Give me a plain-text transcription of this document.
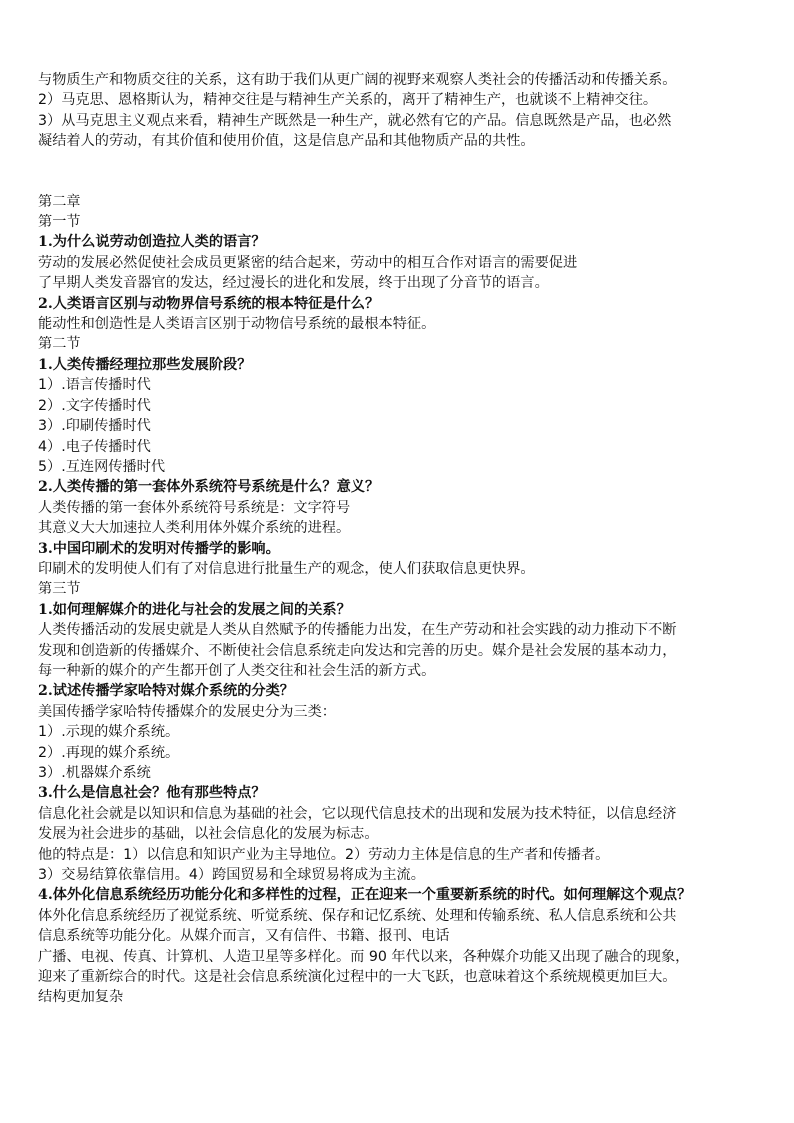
与物质生产和物质交往的关系，这有助于我们从更广阔的视野来观察人类社会的传播活动和传播关系。
2）马克思、恩格斯认为，精神交往是与精神生产关系的，离开了精神生产，也就谈不上精神交往。
3）从马克思主义观点来看，精神生产既然是一种生产，就必然有它的产品。信息既然是产品，也必然
凝结着人的劳动，有其价值和使用价值，这是信息产品和其他物质产品的共性。
第二章
第一节
1.为什么说劳动创造拉人类的语言？
劳动的发展必然促使社会成员更紧密的结合起来，劳动中的相互合作对语言的需要促进
了早期人类发音器官的发达，经过漫长的进化和发展，终于出现了分音节的语言。
2.人类语言区别与动物界信号系统的根本特征是什么？
能动性和创造性是人类语言区别于动物信号系统的最根本特征。
第二节
1.人类传播经理拉那些发展阶段？
1）.语言传播时代
2）.文字传播时代
3）.印刷传播时代
4）.电子传播时代
5）.互连网传播时代
2.人类传播的第一套体外系统符号系统是什么？意义？
人类传播的第一套体外系统符号系统是：文字符号
其意义大大加速拉人类利用体外媒介系统的进程。
3.中国印刷术的发明对传播学的影响。
印刷术的发明使人们有了对信息进行批量生产的观念，使人们获取信息更快界。
第三节
1.如何理解媒介的进化与社会的发展之间的关系？
人类传播活动的发展史就是人类从自然赋予的传播能力出发，在生产劳动和社会实践的动力推动下不断
发现和创造新的传播媒介、不断使社会信息系统走向发达和完善的历史。媒介是社会发展的基本动力，
每一种新的媒介的产生都开创了人类交往和社会生活的新方式。
2.试述传播学家哈特对媒介系统的分类？
美国传播学家哈特传播媒介的发展史分为三类：
1）.示现的媒介系统。
2）.再现的媒介系统。
3）.机器媒介系统
3.什么是信息社会？他有那些特点？
信息化社会就是以知识和信息为基础的社会，它以现代信息技术的出现和发展为技术特征，以信息经济
发展为社会进步的基础，以社会信息化的发展为标志。
他的特点是：1）以信息和知识产业为主导地位。2）劳动力主体是信息的生产者和传播者。
3）交易结算依靠信用。4）跨国贸易和全球贸易将成为主流。
4.体外化信息系统经历功能分化和多样性的过程，正在迎来一个重要新系统的时代。如何理解这个观点？
体外化信息系统经历了视觉系统、听觉系统、保存和记忆系统、处理和传输系统、私人信息系统和公共
信息系统等功能分化。从媒介而言，又有信件、书籍、报刊、电话
广播、电视、传真、计算机、人造卫星等多样化。而 90 年代以来，各种媒介功能又出现了融合的现象，
迎来了重新综合的时代。这是社会信息系统演化过程中的一大飞跃，也意味着这个系统规模更加巨大。
结构更加复杂
